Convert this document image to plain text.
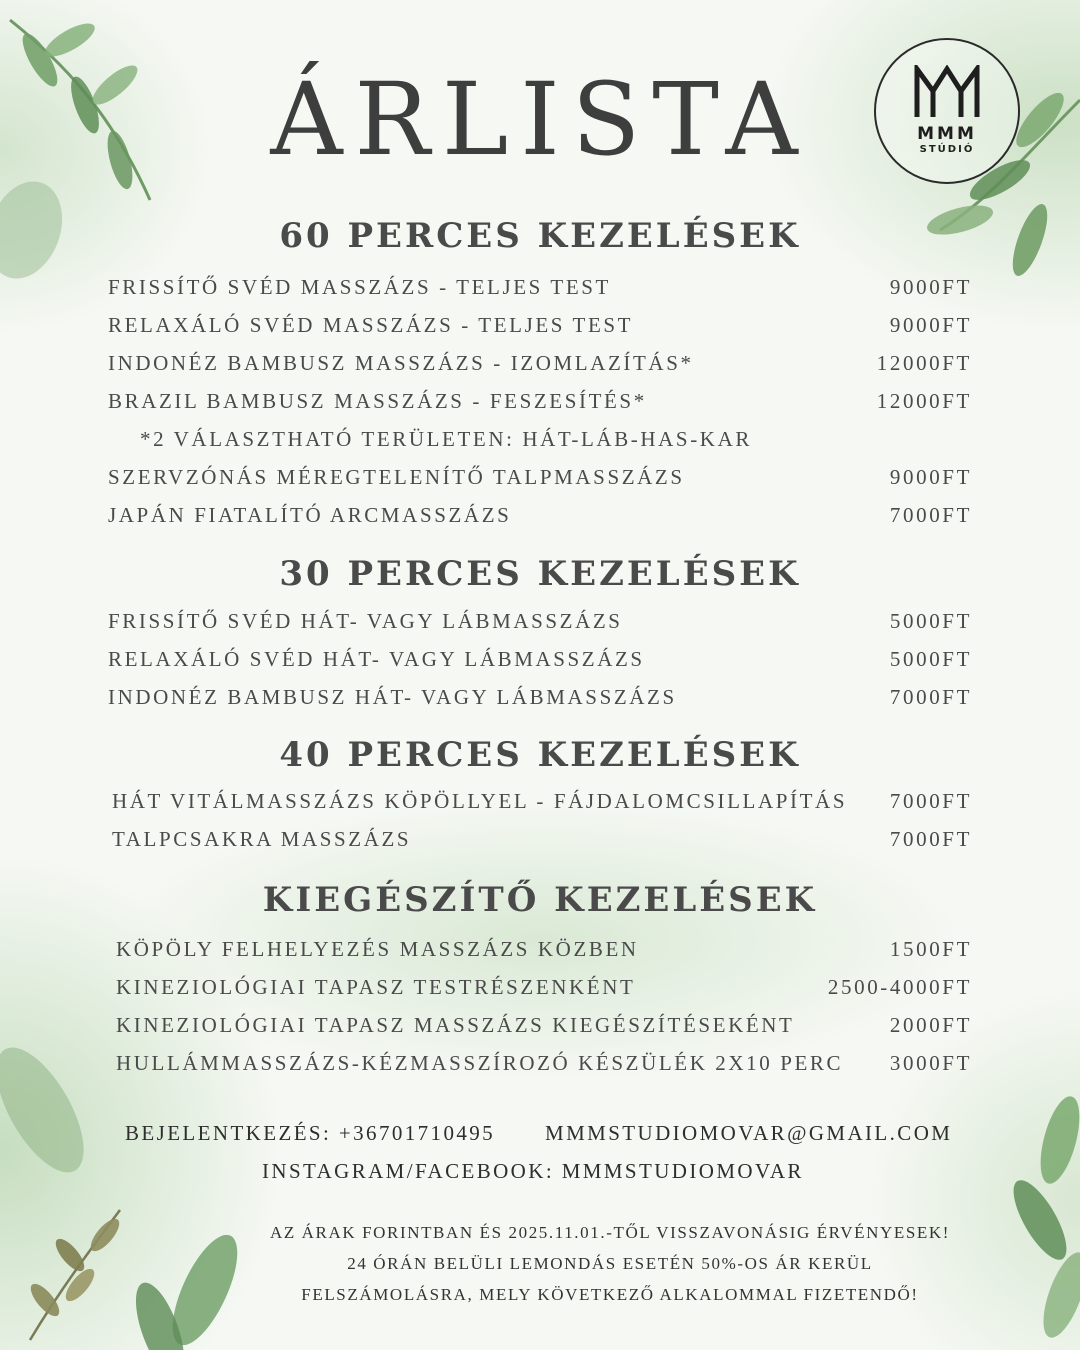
ÁRLISTA	MMM
STÚDIÓ
60 PERCES KEZELÉSEK
FRISSÍTŐ SVÉD MASSZÁZS - TELJES TEST	9000FT
RELAXÁLÓ SVÉD MASSZÁZS - TELJES TEST	9000FT
INDONÉZ BAMBUSZ MASSZÁZS - IZOMLAZÍTÁS*	12000FT
BRAZIL BAMBUSZ MASSZÁZS - FESZESÍTÉS*	12000FT
*2 VÁLASZTHATÓ TERÜLETEN: HÁT-LÁB-HAS-KAR
SZERVZÓNÁS MÉREGTELENÍTŐ TALPMASSZÁZS	9000FT
JAPÁN FIATALÍTÓ ARCMASSZÁZS	7000FT
30 PERCES KEZELÉSEK
FRISSÍTŐ SVÉD HÁT- VAGY LÁBMASSZÁZS	5000FT
RELAXÁLÓ SVÉD HÁT- VAGY LÁBMASSZÁZS	5000FT
INDONÉZ BAMBUSZ HÁT- VAGY LÁBMASSZÁZS	7000FT
40 PERCES KEZELÉSEK
HÁT VITÁLMASSZÁZS KÖPÖLLYEL - FÁJDALOMCSILLAPÍTÁS 7000FT
TALPCSAKRA MASSZÁZS	7000FT
KIEGÉSZÍTŐ KEZELÉSEK
KÖPÖLY FELHELYEZÉS MASSZÁZS KÖZBEN	1500FT
KINEZIOLÓGIAI TAPASZ TESTRÉSZENKÉNT	2500-4000FT
KINEZIOLÓGIAI TAPASZ MASSZÁZS KIEGÉSZÍTÉSEKÉNT	2000FT
HULLÁMMASSZÁZS-KÉZMASSZÍROZÓ KÉSZÜLÉK 2X10 PERC 3000FT
BEJELENTKEZÉS: +36701710495 MMMSTUDIOMOVAR@GMAIL.COM
INSTAGRAM/FACEBOOK: MMMSTUDIOMOVAR
AZ ÁRAK FORINTBAN ÉS 2025.11.01.-TŐL VISSZAVONÁSIG ÉRVÉNYESEK!
24 ÓRÁN BELÜLI LEMONDÁS ESETÉN 50%-OS ÁR KERÜL
FELSZÁMOLÁSRA, MELY KÖVETKEZŐ ALKALOMMAL FIZETENDŐ!
